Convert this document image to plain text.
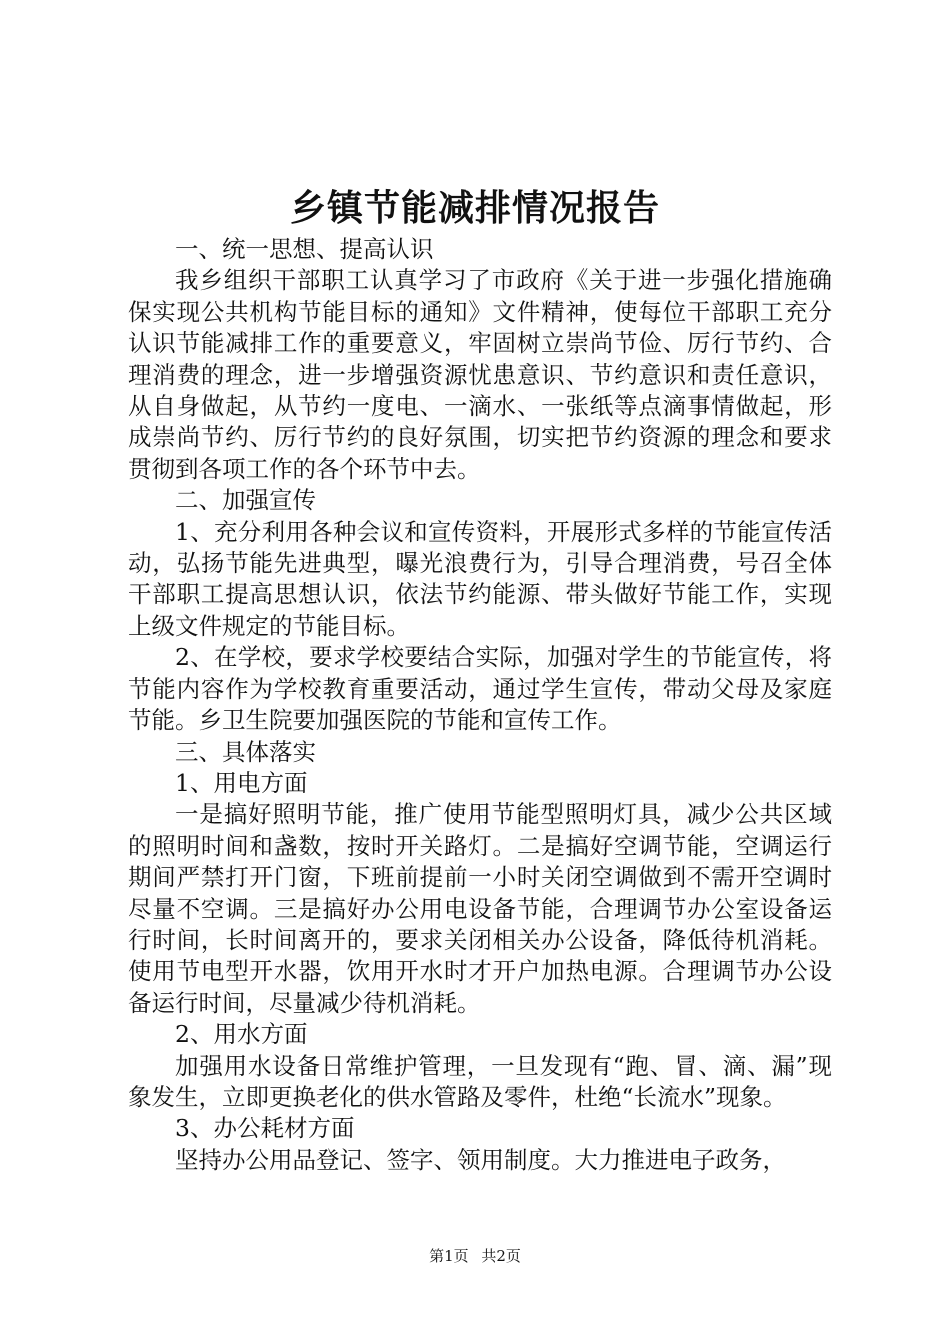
乡镇节能减排情况报告

一、统一思想、提高认识

我乡组织干部职工认真学习了市政府《关于进一步强化措施确保实现公共机构节能目标的通知》文件精神，使每位干部职工充分认识节能减排工作的重要意义，牢固树立崇尚节俭、厉行节约、合理消费的理念，进一步增强资源忧患意识、节约意识和责任意识，从自身做起，从节约一度电、一滴水、一张纸等点滴事情做起，形成崇尚节约、厉行节约的良好氛围，切实把节约资源的理念和要求贯彻到各项工作的各个环节中去。

二、加强宣传

1、充分利用各种会议和宣传资料，开展形式多样的节能宣传活动，弘扬节能先进典型，曝光浪费行为，引导合理消费，号召全体干部职工提高思想认识，依法节约能源、带头做好节能工作，实现上级文件规定的节能目标。

2、在学校，要求学校要结合实际，加强对学生的节能宣传，将节能内容作为学校教育重要活动，通过学生宣传，带动父母及家庭节能。乡卫生院要加强医院的节能和宣传工作。

三、具体落实

1、用电方面

一是搞好照明节能，推广使用节能型照明灯具，减少公共区域的照明时间和盏数，按时开关路灯。二是搞好空调节能，空调运行期间严禁打开门窗，下班前提前一小时关闭空调做到不需开空调时尽量不空调。三是搞好办公用电设备节能，合理调节办公室设备运行时间，长时间离开的，要求关闭相关办公设备，降低待机消耗。使用节电型开水器，饮用开水时才开户加热电源。合理调节办公设备运行时间，尽量减少待机消耗。

2、用水方面

加强用水设备日常维护管理，一旦发现有“跑、冒、滴、漏”现象发生，立即更换老化的供水管路及零件，杜绝“长流水”现象。

3、办公耗材方面

坚持办公用品登记、签字、领用制度。大力推进电子政务，

第1页 共2页
